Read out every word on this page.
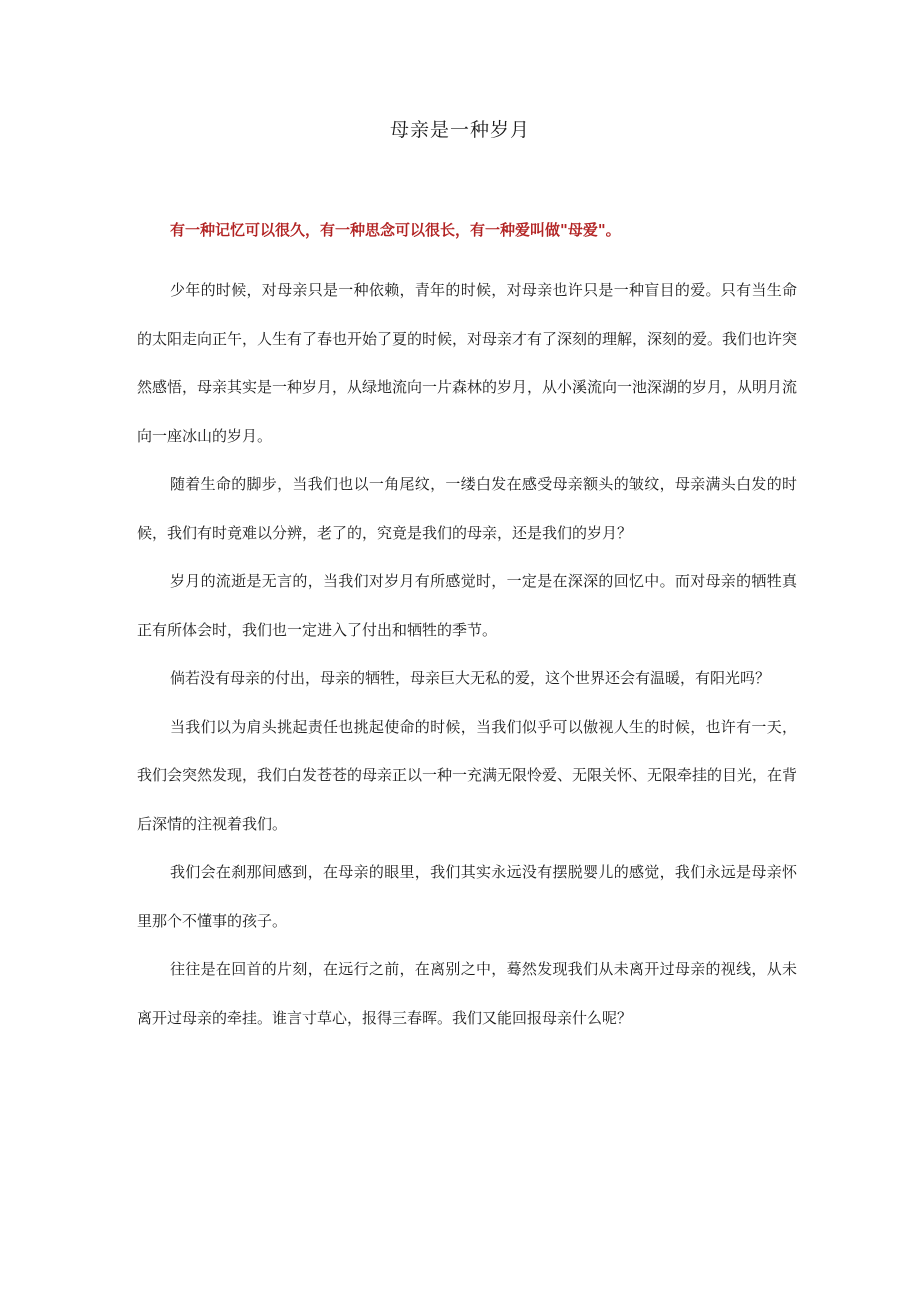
母亲是一种岁月
有一种记忆可以很久，有一种思念可以很长，有一种爱叫做"母爱"。

少年的时候，对母亲只是一种依赖，青年的时候，对母亲也许只是一种盲目的爱。只有当生命的太阳走向正午，人生有了春也开始了夏的时候，对母亲才有了深刻的理解，深刻的爱。我们也许突然感悟，母亲其实是一种岁月，从绿地流向一片森林的岁月，从小溪流向一池深湖的岁月，从明月流向一座冰山的岁月。

随着生命的脚步，当我们也以一角尾纹，一缕白发在感受母亲额头的皱纹，母亲满头白发的时候，我们有时竟难以分辨，老了的，究竟是我们的母亲，还是我们的岁月？

岁月的流逝是无言的，当我们对岁月有所感觉时，一定是在深深的回忆中。而对母亲的牺牲真正有所体会时，我们也一定进入了付出和牺牲的季节。

倘若没有母亲的付出，母亲的牺牲，母亲巨大无私的爱，这个世界还会有温暖，有阳光吗？

当我们以为肩头挑起责任也挑起使命的时候，当我们似乎可以傲视人生的时候，也许有一天，我们会突然发现，我们白发苍苍的母亲正以一种一充满无限怜爱、无限关怀、无限牵挂的目光，在背后深情的注视着我们。

我们会在刹那间感到，在母亲的眼里，我们其实永远没有摆脱婴儿的感觉，我们永远是母亲怀里那个不懂事的孩子。

往往是在回首的片刻，在远行之前，在离别之中，蓦然发现我们从未离开过母亲的视线，从未离开过母亲的牵挂。谁言寸草心，报得三春晖。我们又能回报母亲什么呢？
